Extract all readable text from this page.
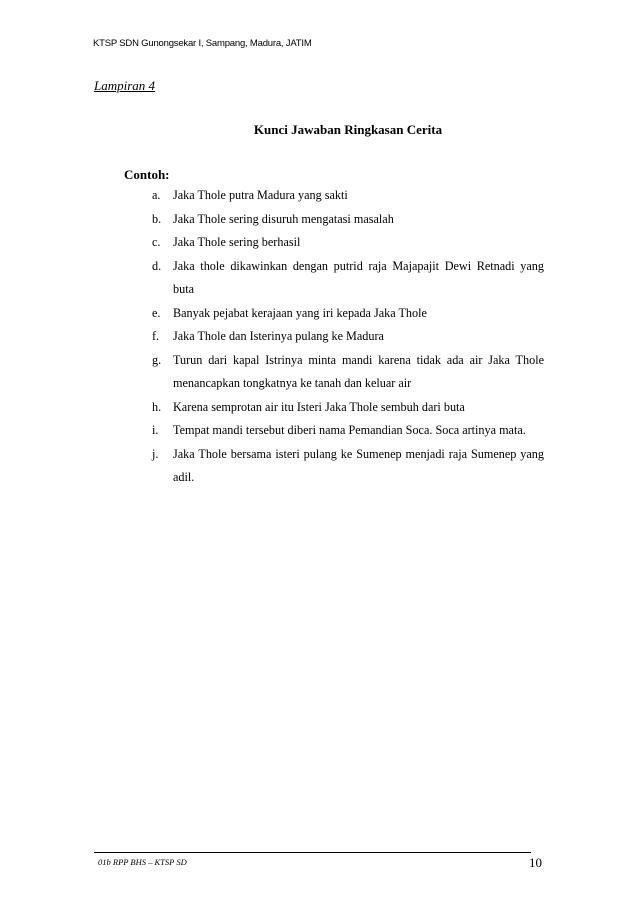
KTSP SDN Gunongsekar I, Sampang, Madura, JATIM
Lampiran 4
Kunci Jawaban Ringkasan Cerita
Contoh:
a.	Jaka Thole putra Madura yang sakti
b. Jaka Thole sering disuruh mengatasi masalah
c.	Jaka Thole sering berhasil
d. Jaka thole dikawinkan dengan putrid raja Majapajit Dewi Retnadi yang buta
e.	Banyak pejabat kerajaan yang iri kepada Jaka Thole
f.	Jaka Thole dan Isterinya pulang ke Madura
g. Turun dari kapal Istrinya minta mandi karena tidak ada air Jaka Thole menancapkan tongkatnya ke tanah dan keluar air
h. Karena semprotan air itu Isteri Jaka Thole sembuh dari buta
i.	Tempat mandi tersebut diberi nama Pemandian Soca. Soca artinya mata.
j.	Jaka Thole bersama isteri pulang ke Sumenep menjadi raja Sumenep yang adil.
01b RPP BHS – KTSP SD	10
